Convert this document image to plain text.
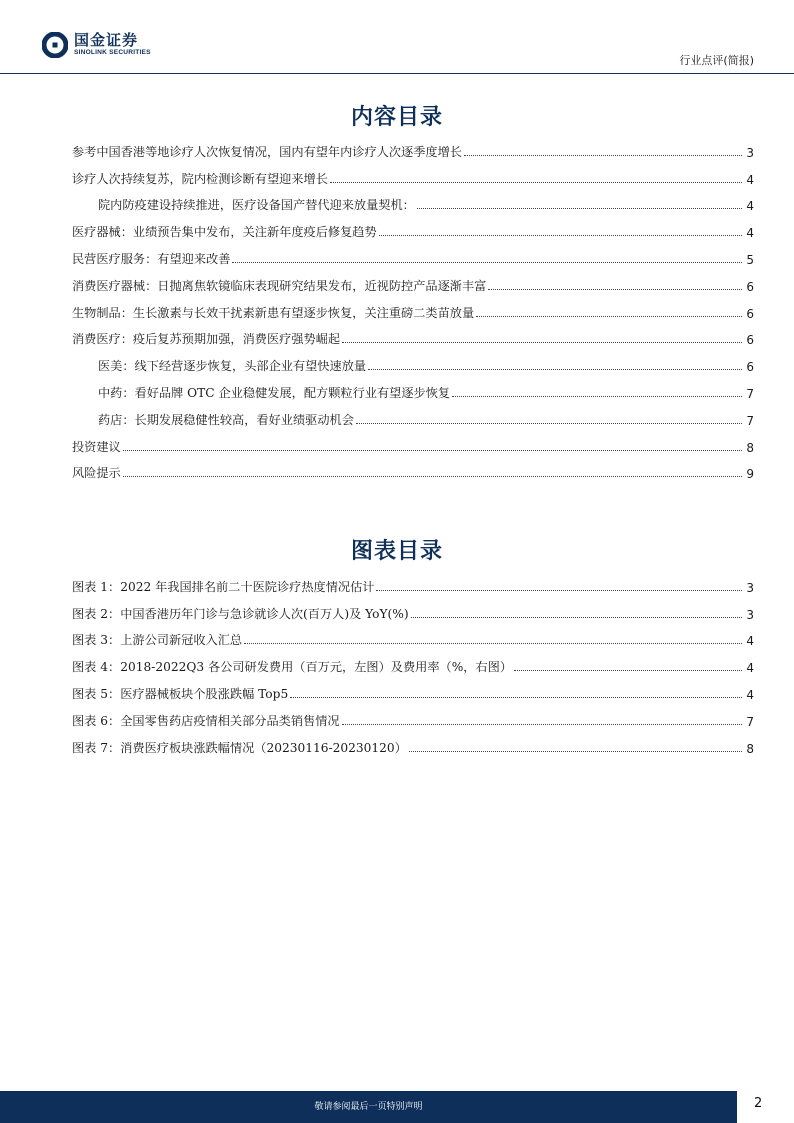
国金证券
SINOLINK SECURITIES
行业点评(简报)
内容目录
参考中国香港等地诊疗人次恢复情况，国内有望年内诊疗人次逐季度增长	3
诊疗人次持续复苏，院内检测诊断有望迎来增长	4
院内防疫建设持续推进，医疗设备国产替代迎来放量契机：	4
医疗器械：业绩预告集中发布，关注新年度疫后修复趋势	4
民营医疗服务：有望迎来改善	5
消费医疗器械：日抛离焦软镜临床表现研究结果发布，近视防控产品逐渐丰富	6
生物制品：生长激素与长效干扰素新患有望逐步恢复，关注重磅二类苗放量	6
消费医疗：疫后复苏预期加强，消费医疗强势崛起	6
医美：线下经营逐步恢复，头部企业有望快速放量	6
中药：看好品牌 OTC 企业稳健发展，配方颗粒行业有望逐步恢复	7
药店：长期发展稳健性较高，看好业绩驱动机会	7
投资建议	8
风险提示	9
图表目录
图表 1：2022 年我国排名前二十医院诊疗热度情况估计	3
图表 2：中国香港历年门诊与急诊就诊人次(百万人)及 YoY(%)	3
图表 3：上游公司新冠收入汇总	4
图表 4：2018-2022Q3 各公司研发费用（百万元，左图）及费用率（%，右图）	4
图表 5：医疗器械板块个股涨跌幅 Top5	4
图表 6：全国零售药店疫情相关部分品类销售情况	7
图表 7：消费医疗板块涨跌幅情况（20230116-20230120）	8
敬请参阅最后一页特别声明	2
